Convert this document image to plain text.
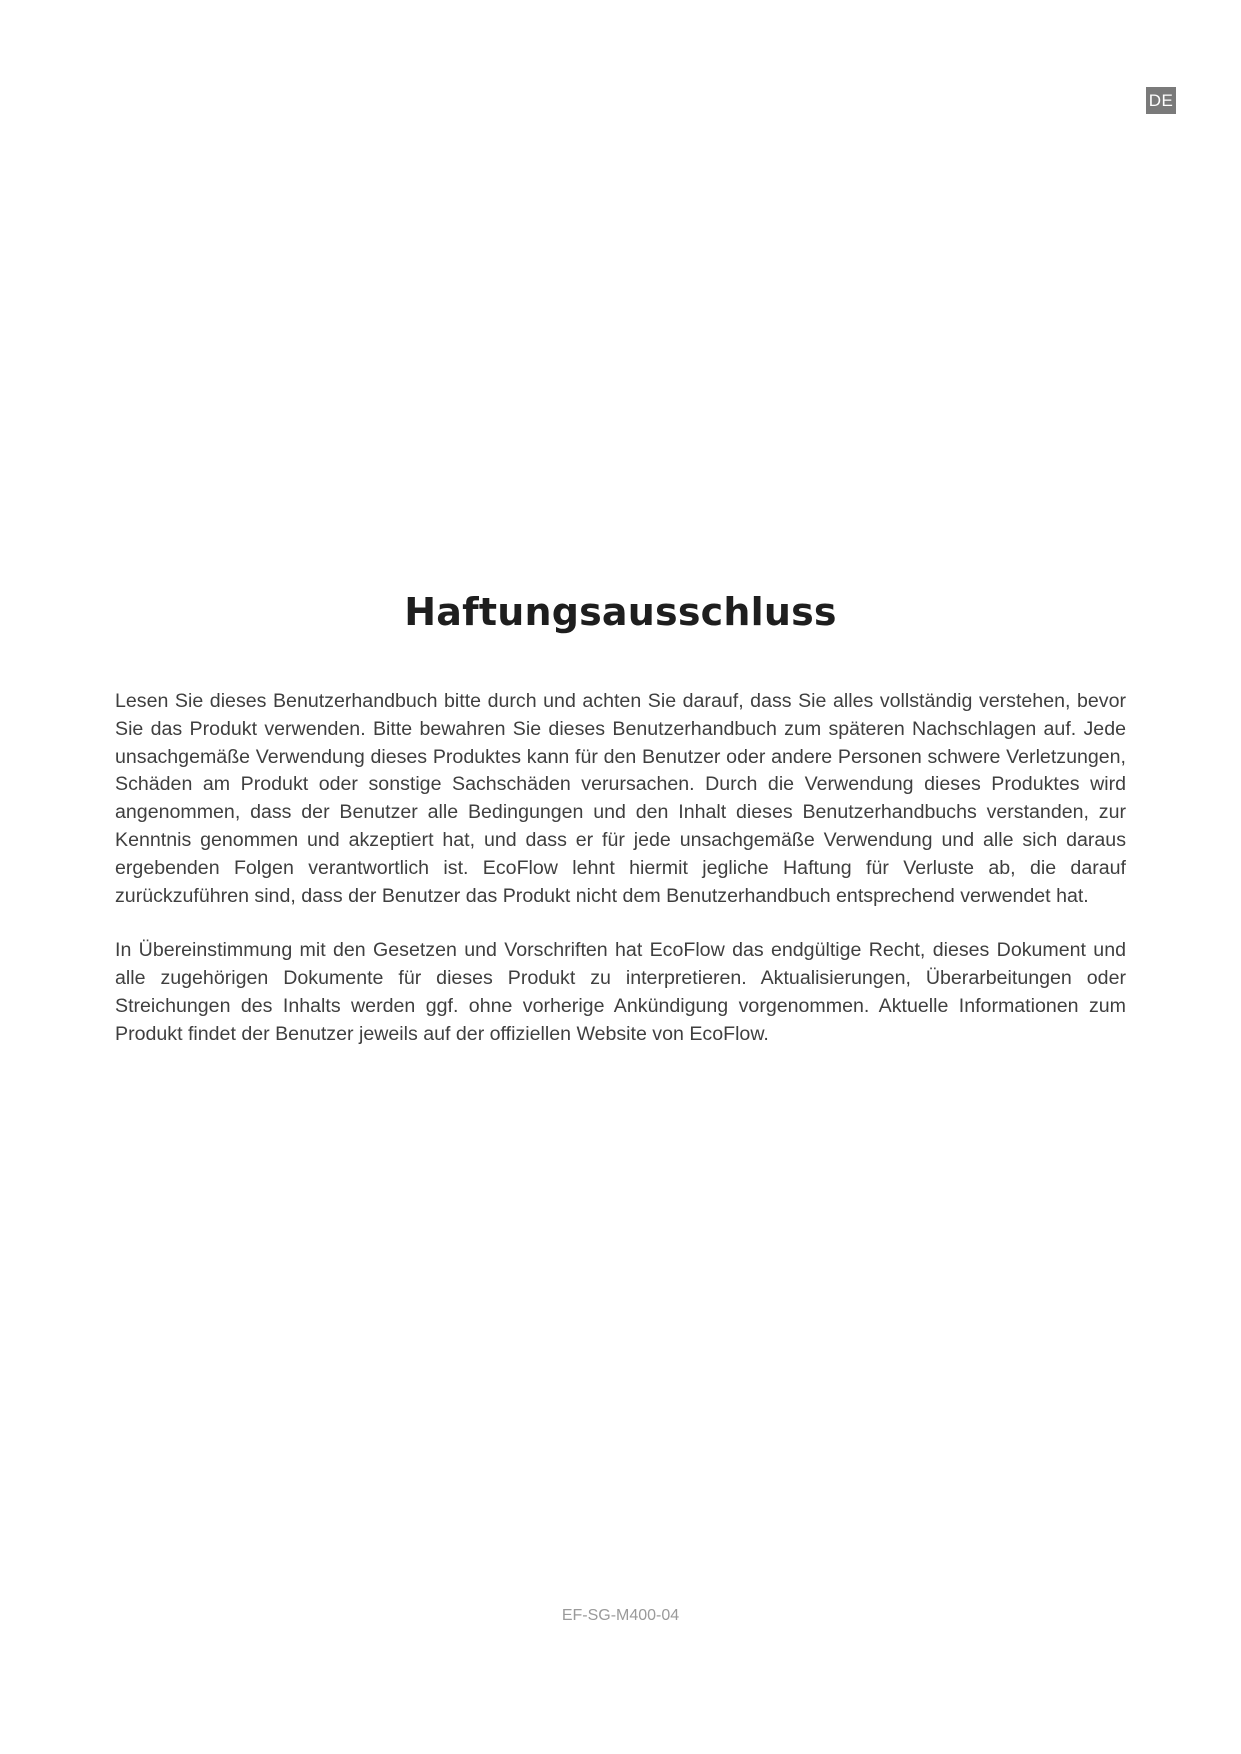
DE
Haftungsausschluss

Lesen Sie dieses Benutzerhandbuch bitte durch und achten Sie darauf, dass Sie alles vollständig verstehen, bevor Sie das Produkt verwenden. Bitte bewahren Sie dieses Benutzerhandbuch zum späteren Nachschlagen auf. Jede unsachgemäße Verwendung dieses Produktes kann für den Benutzer oder andere Personen schwere Verletzungen, Schäden am Produkt oder sonstige Sachschäden verursachen. Durch die Verwendung dieses Produktes wird angenommen, dass der Benutzer alle Bedingungen und den Inhalt dieses Benutzerhandbuchs verstanden, zur Kenntnis genommen und akzeptiert hat, und dass er für jede unsachgemäße Verwendung und alle sich daraus ergebenden Folgen verantwortlich ist. EcoFlow lehnt hiermit jegliche Haftung für Verluste ab, die darauf zurückzuführen sind, dass der Benutzer das Produkt nicht dem Benutzerhandbuch entsprechend verwendet hat.

In Übereinstimmung mit den Gesetzen und Vorschriften hat EcoFlow das endgültige Recht, dieses Dokument und alle zugehörigen Dokumente für dieses Produkt zu interpretieren. Aktualisierungen, Überarbeitungen oder Streichungen des Inhalts werden ggf. ohne vorherige Ankündigung vorgenommen. Aktuelle Informationen zum Produkt findet der Benutzer jeweils auf der offiziellen Website von EcoFlow.

EF-SG-M400-04
